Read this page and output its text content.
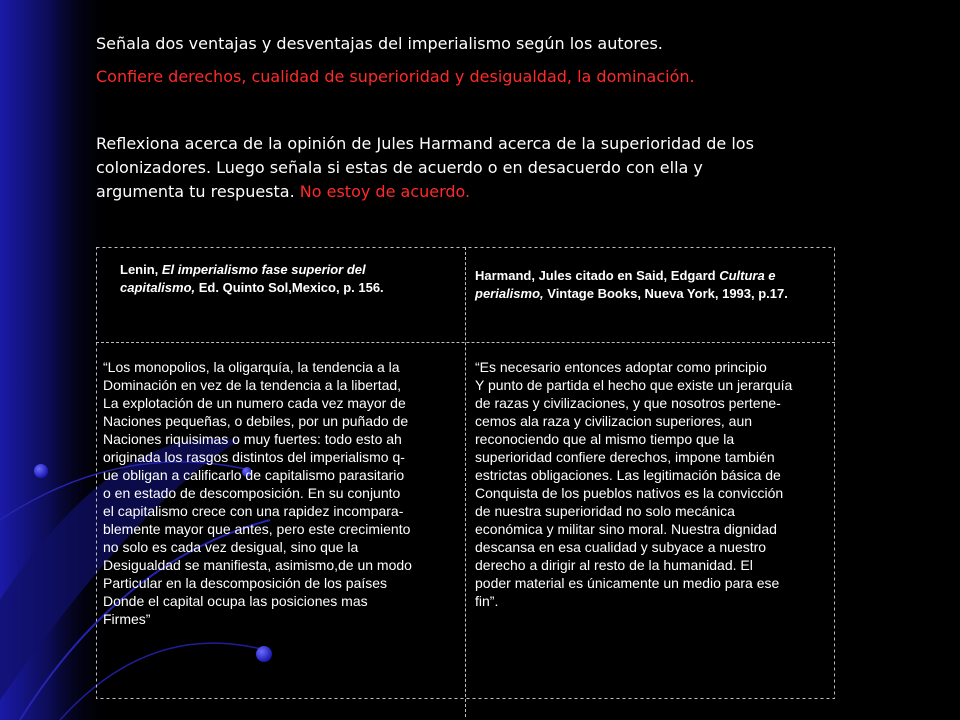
Señala dos ventajas y desventajas del imperialismo según los autores.
Confiere derechos, cualidad de superioridad y desigualdad, la dominación.
Reflexiona acerca de la opinión de Jules Harmand acerca de la superioridad de los colonizadores. Luego señala si estas de acuerdo o en desacuerdo con ella y argumenta tu respuesta. No estoy de acuerdo.
Lenin, El imperialismo fase superior del capitalismo, Ed. Quinto Sol,Mexico, p. 156.
Harmand, Jules citado en Said, Edgard Cultura e perialismo, Vintage Books, Nueva York, 1993, p.17.
“Los monopolios, la oligarquía, la tendencia a la
Dominación en vez de la tendencia a la libertad,
La explotación de un numero cada vez mayor de
Naciones pequeñas, o debiles, por un puñado de
Naciones riquisimas o muy fuertes: todo esto ah
originada los rasgos distintos del imperialismo q-
ue obligan a calificarlo de capitalismo parasitario
o en estado de descomposición. En su conjunto
el capitalismo crece con una rapidez incompara-
blemente mayor que antes, pero este crecimiento
no solo es cada vez desigual, sino que la
Desigualdad se manifiesta, asimismo,de un modo
Particular en la descomposición de los países
Donde el capital ocupa las posiciones mas
Firmes”
“Es necesario entonces adoptar como principio
Y punto de partida el hecho que existe un jerarquía
de razas y civilizaciones, y que nosotros pertene-
cemos ala raza y civilizacion superiores, aun
reconociendo que al mismo tiempo que la
superioridad confiere derechos, impone también
estrictas obligaciones. Las legitimación básica de
Conquista de los pueblos nativos es la convicción
de nuestra superioridad no solo mecánica
económica y militar sino moral. Nuestra dignidad
descansa en esa cualidad y subyace a nuestro
derecho a dirigir al resto de la humanidad. El
poder material es únicamente un medio para ese
fin”.
